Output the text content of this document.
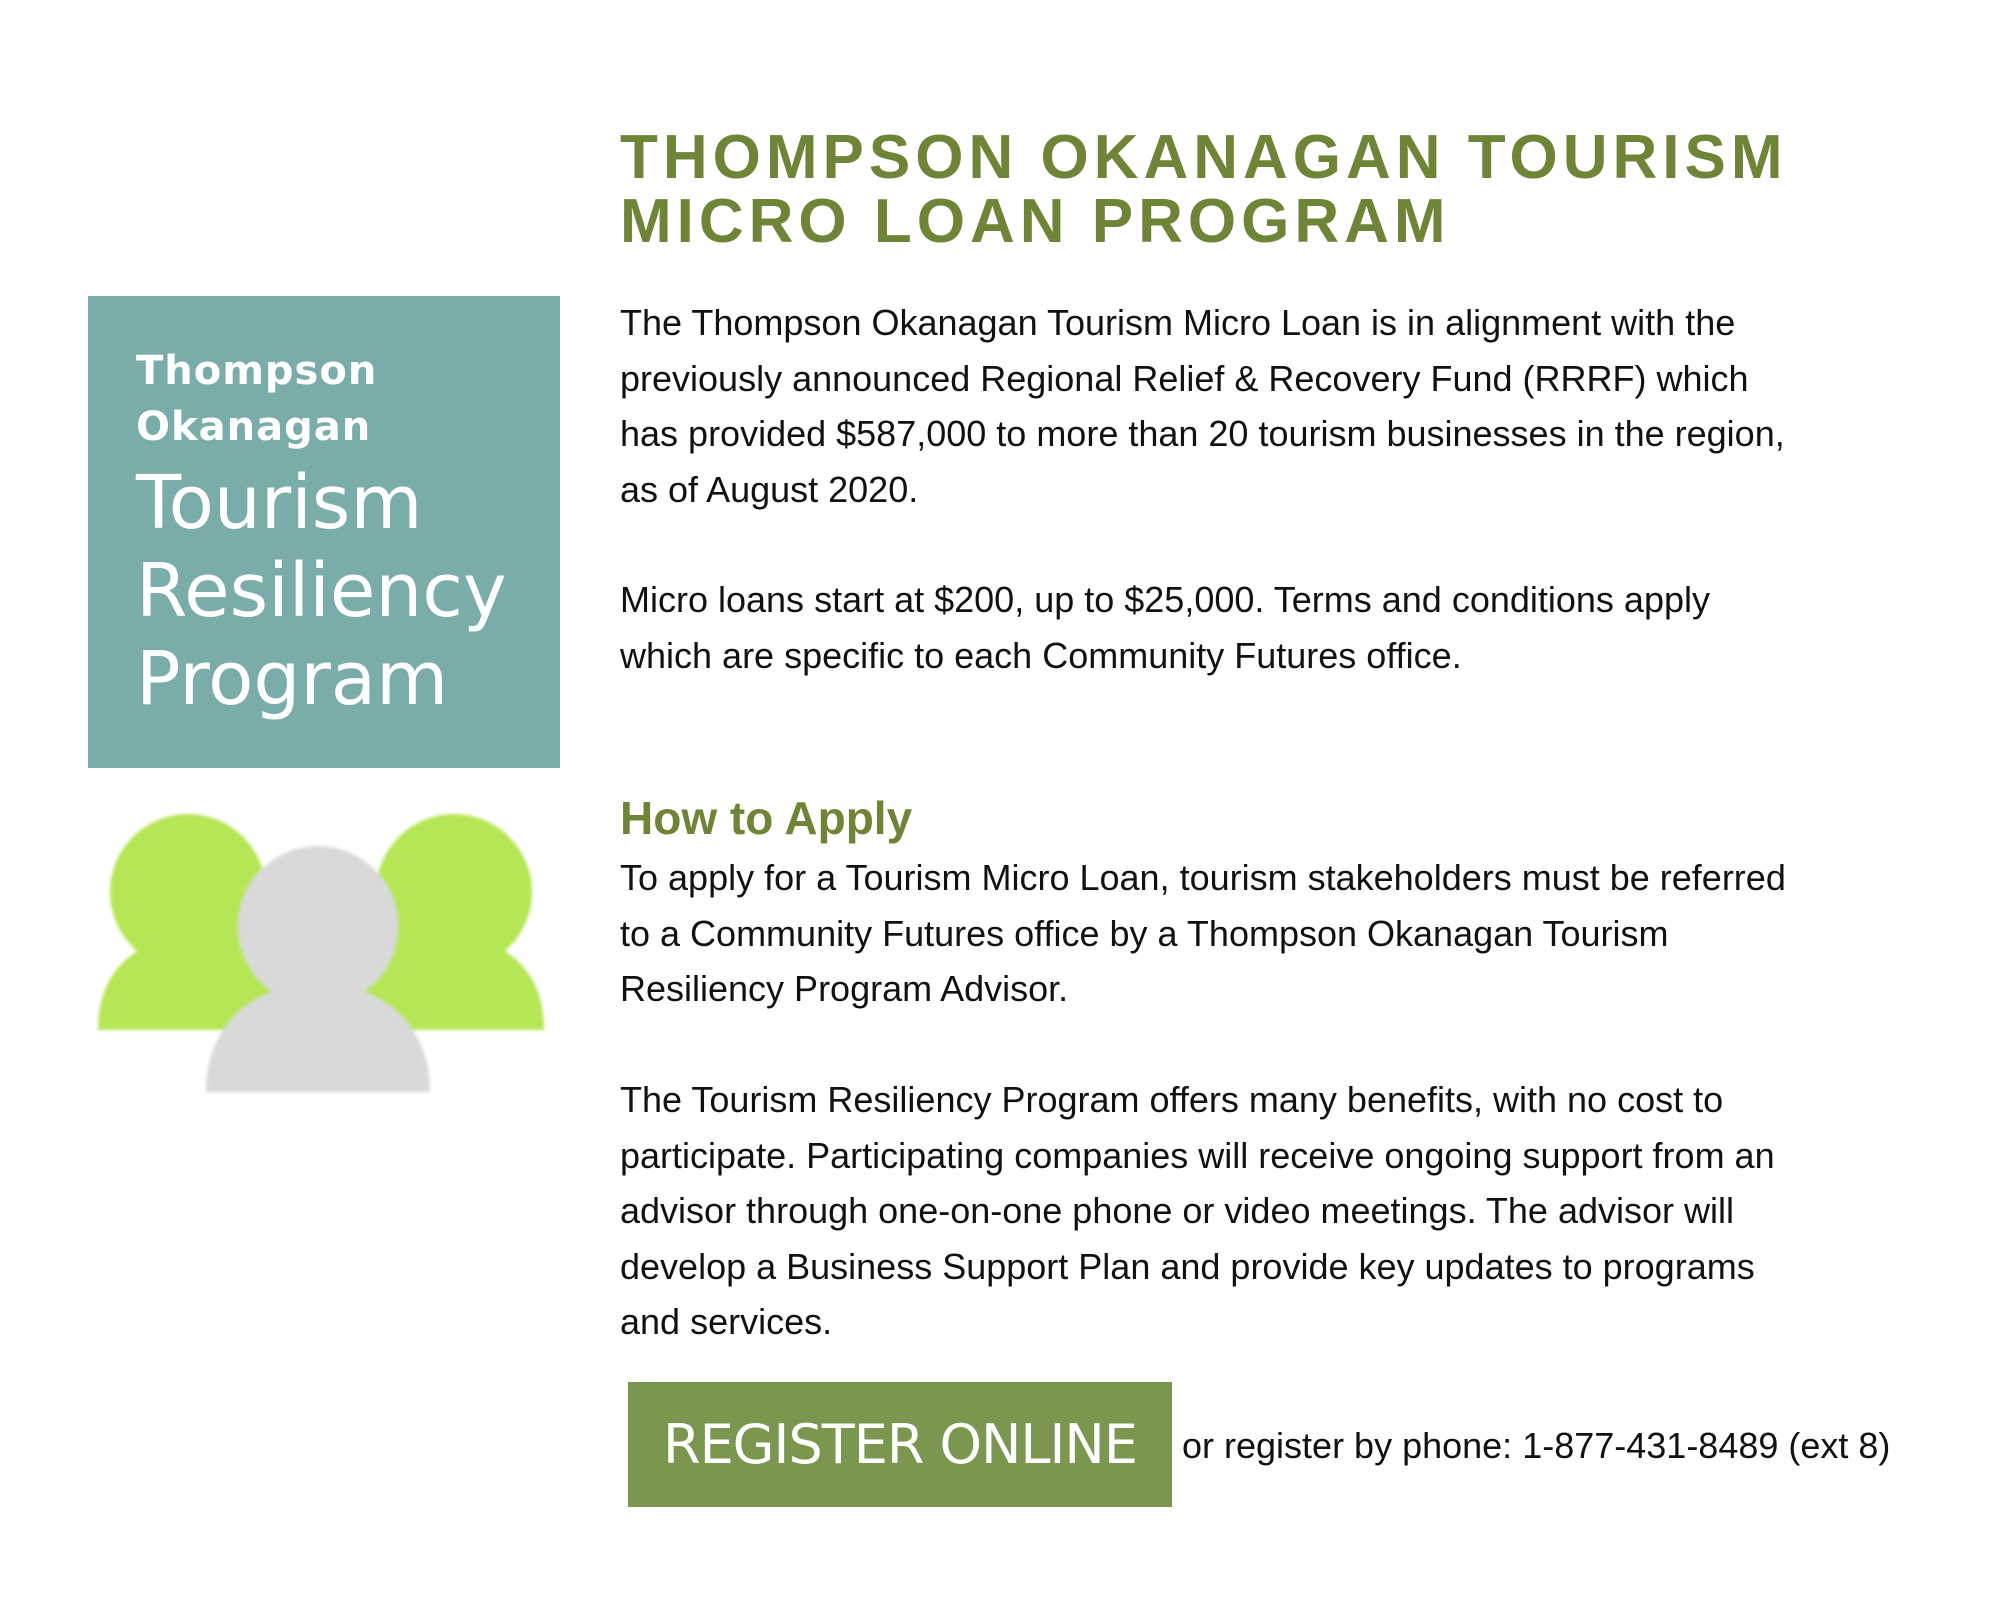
Thompson
Okanagan
Tourism
Resiliency
Program
THOMPSON OKANAGAN TOURISM
MICRO LOAN PROGRAM

The Thompson Okanagan Tourism Micro Loan is in alignment with the
previously announced Regional Relief & Recovery Fund (RRRF) which
has provided $587,000 to more than 20 tourism businesses in the region,
as of August 2020.

Micro loans start at $200, up to $25,000. Terms and conditions apply
which are specific to each Community Futures office.

How to Apply

To apply for a Tourism Micro Loan, tourism stakeholders must be referred
to a Community Futures office by a Thompson Okanagan Tourism
Resiliency Program Advisor.

The Tourism Resiliency Program offers many benefits, with no cost to
participate. Participating companies will receive ongoing support from an
advisor through one-on-one phone or video meetings. The advisor will
develop a Business Support Plan and provide key updates to programs
and services.

REGISTER ONLINE	or register by phone: 1-877-431-8489 (ext 8)
